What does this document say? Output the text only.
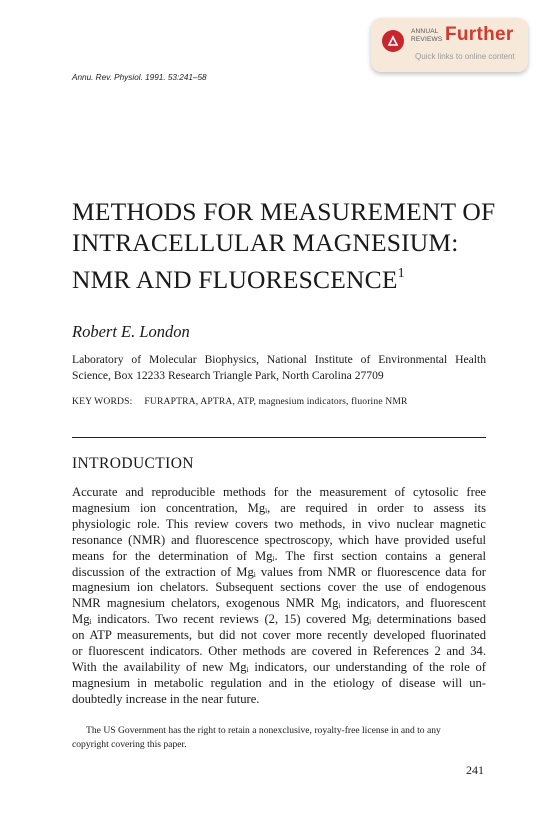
ANNUAL REVIEWS Further
Quick links to online content
Annu. Rev. Physiol. 1991. 53:241–58
METHODS FOR MEASUREMENT OF
INTRACELLULAR MAGNESIUM:
NMR AND FLUORESCENCE$^1$
Robert E. London
Laboratory of Molecular Biophysics, National Institute of Environmental Health
Science, Box 12233 Research Triangle Park, North Carolina 27709
KEY WORDS: FURAPTRA, APTRA, ATP, magnesium indicators, fluorine NMR
INTRODUCTION
Accurate and reproducible methods for the measurement of cytosolic free
magnesium ion concentration, Mgᵢ, are required in order to assess its
physiologic role. This review covers two methods, in vivo nuclear magnetic
resonance (NMR) and fluorescence spectroscopy, which have provided useful
means for the determination of Mgᵢ. The first section contains a general
discussion of the extraction of Mgᵢ values from NMR or fluorescence data for
magnesium ion chelators. Subsequent sections cover the use of endogenous
NMR magnesium chelators, exogenous NMR Mgᵢ indicators, and fluorescent
Mgᵢ indicators. Two recent reviews (2, 15) covered Mgᵢ determinations based
on ATP measurements, but did not cover more recently developed fluorinated
or fluorescent indicators. Other methods are covered in References 2 and 34.
With the availability of new Mgᵢ indicators, our understanding of the role of
magnesium in metabolic regulation and in the etiology of disease will un-
doubtedly increase in the near future.
The US Government has the right to retain a nonexclusive, royalty-free license in and to any
copyright covering this paper.
241
